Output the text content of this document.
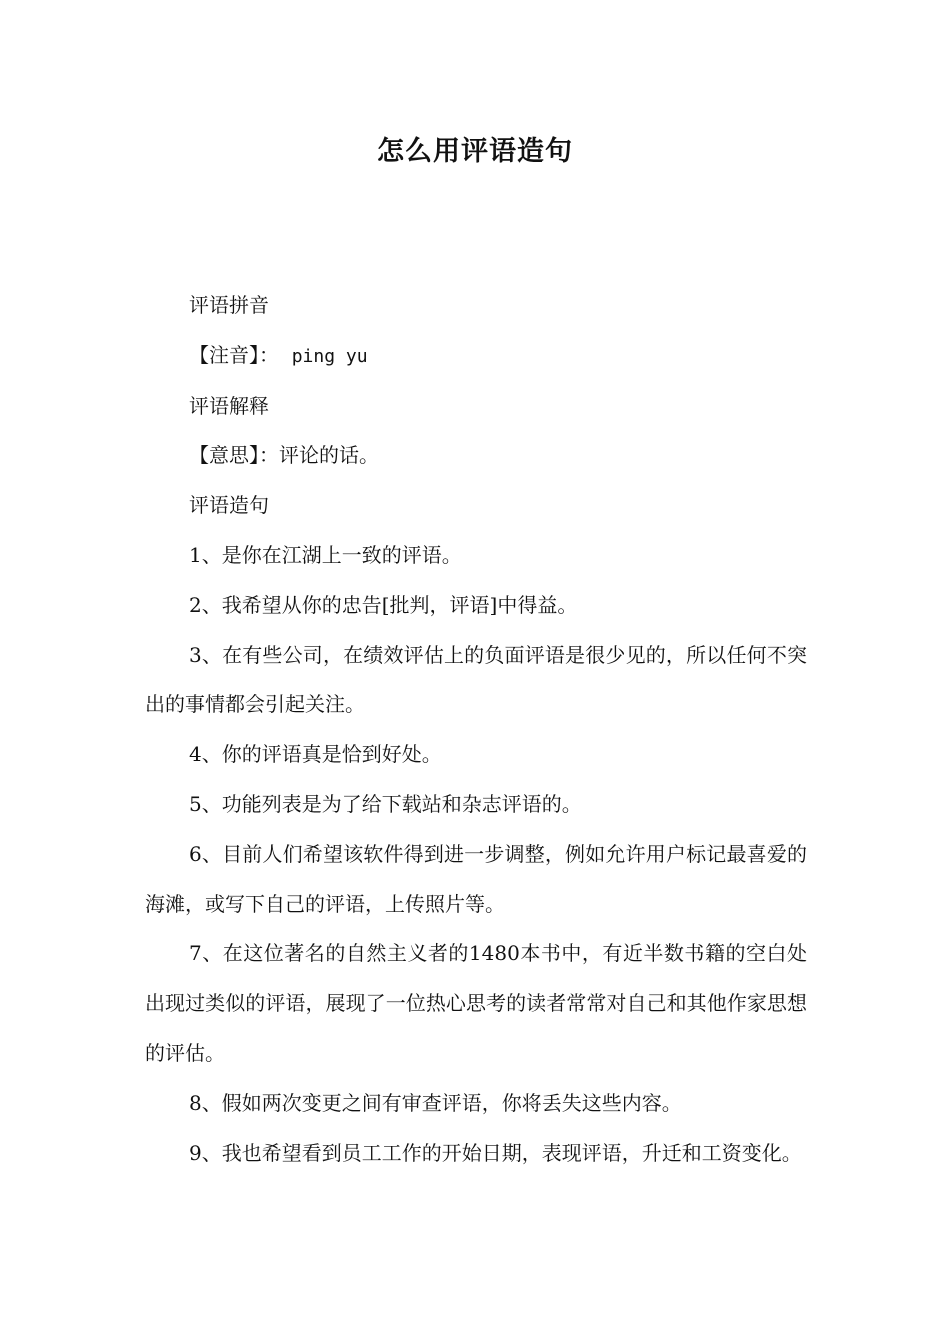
怎么用评语造句

评语拼音

【注音】： ping yu

评语解释

【意思】：评论的话。

评语造句

1、是你在江湖上一致的评语。

2、我希望从你的忠告[批判，评语]中得益。

3、在有些公司，在绩效评估上的负面评语是很少见的，所以任何不突出的事情都会引起关注。

4、你的评语真是恰到好处。

5、功能列表是为了给下载站和杂志评语的。

6、目前人们希望该软件得到进一步调整，例如允许用户标记最喜爱的海滩，或写下自己的评语，上传照片等。

7、在这位著名的自然主义者的1480本书中，有近半数书籍的空白处出现过类似的评语，展现了一位热心思考的读者常常对自己和其他作家思想的评估。

8、假如两次变更之间有审查评语，你将丢失这些内容。

9、我也希望看到员工工作的开始日期，表现评语，升迁和工资变化。
